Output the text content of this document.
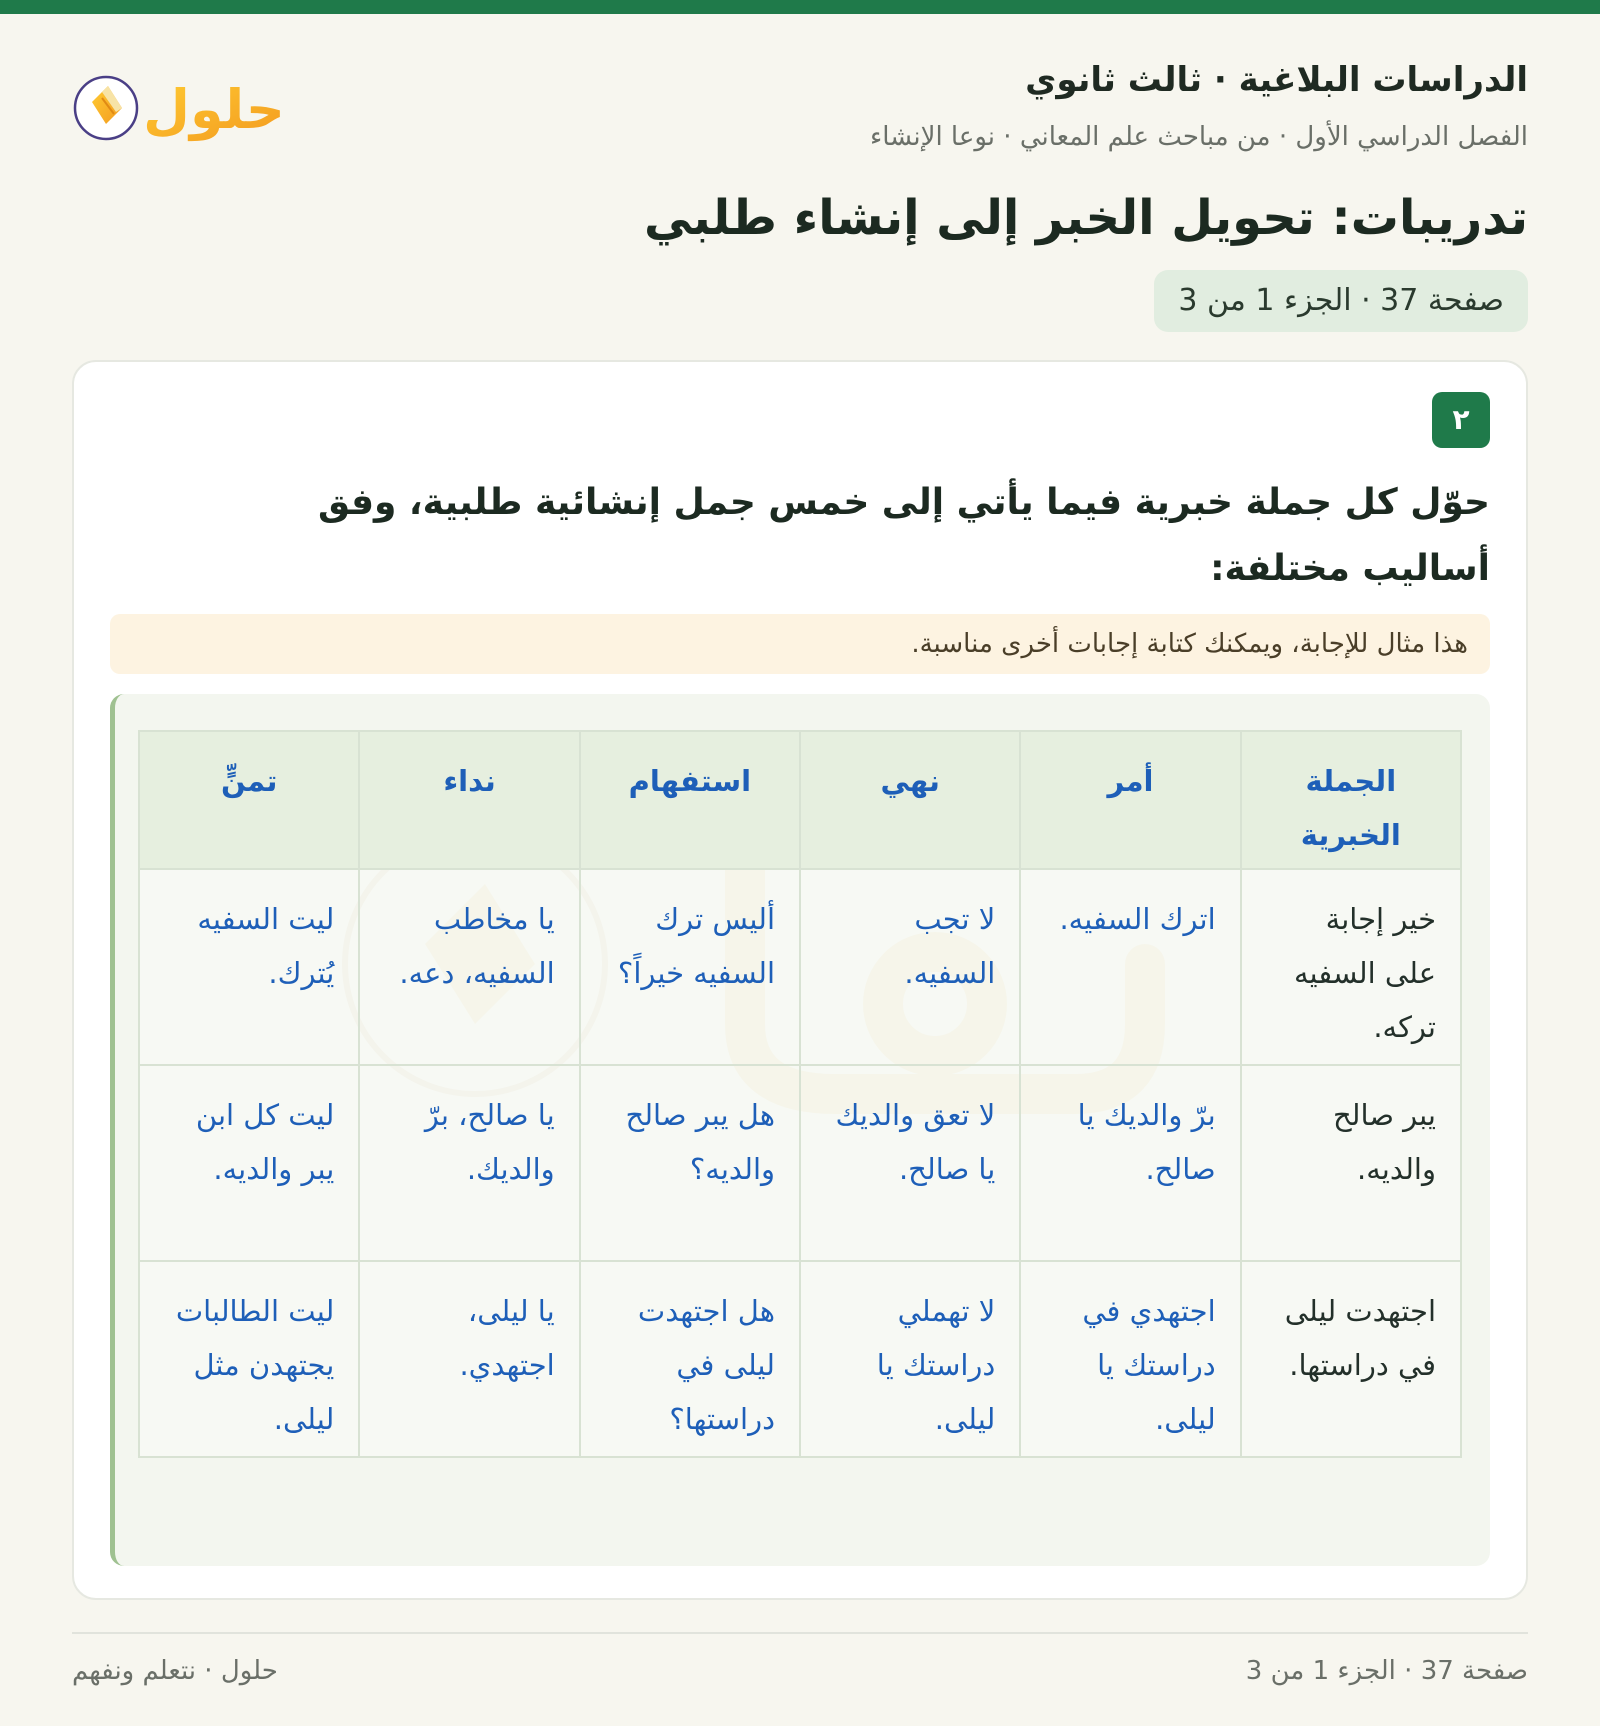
الدراسات البلاغية · ثالث ثانوي
الفصل الدراسي الأول · من مباحث علم المعاني · نوعا الإنشاء
تدريبات: تحويل الخبر إلى إنشاء طلبي
صفحة 37 · الجزء 1 من 3
حلول
٢

حوّل كل جملة خبرية فيما يأتي إلى خمس جمل إنشائية طلبية، وفق أساليب مختلفة:

هذا مثال للإجابة، ويمكنك كتابة إجابات أخرى مناسبة.
الجملة الخبرية	أمر	نهي	استفهام	نداء	تمنٍّ
خير إجابة على السفيه تركه.	اترك السفيه.	لا تجب السفيه.	أليس ترك السفيه خيراً؟	يا مخاطب السفيه، دعه.	ليت السفيه يُترك.
يبر صالح والديه.	برّ والديك يا صالح.	لا تعق والديك يا صالح.	هل يبر صالح والديه؟	يا صالح، برّ والديك.	ليت كل ابن يبر والديه.
اجتهدت ليلى في دراستها.	اجتهدي في دراستك يا ليلى.	لا تهملي دراستك يا ليلى.	هل اجتهدت ليلى في دراستها؟	يا ليلى، اجتهدي.	ليت الطالبات يجتهدن مثل ليلى.
صفحة 37 · الجزء 1 من 3
حلول · نتعلم ونفهم
